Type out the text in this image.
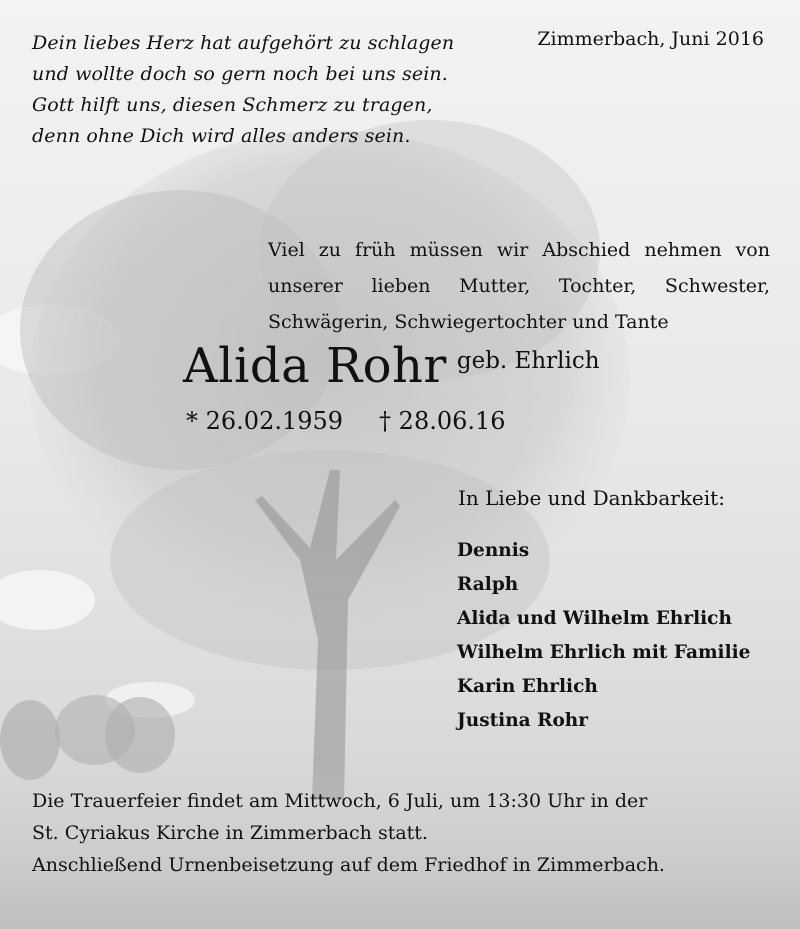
Dein liebes Herz hat aufgehört zu schlagen
und wollte doch so gern noch bei uns sein.
Gott hilft uns, diesen Schmerz zu tragen,
denn ohne Dich wird alles anders sein.
Zimmerbach, Juni 2016
Viel zu früh müssen wir Abschied nehmen von
unserer lieben Mutter, Tochter, Schwester,
Schwägerin, Schwiegertochter und Tante
Alida Rohr geb. Ehrlich
* 26.02.1959 † 28.06.16
In Liebe und Dankbarkeit:
Dennis
Ralph
Alida und Wilhelm Ehrlich
Wilhelm Ehrlich mit Familie
Karin Ehrlich
Justina Rohr
Die Trauerfeier findet am Mittwoch, 6 Juli, um 13:30 Uhr in der
St. Cyriakus Kirche in Zimmerbach statt.
Anschließend Urnenbeisetzung auf dem Friedhof in Zimmerbach.
